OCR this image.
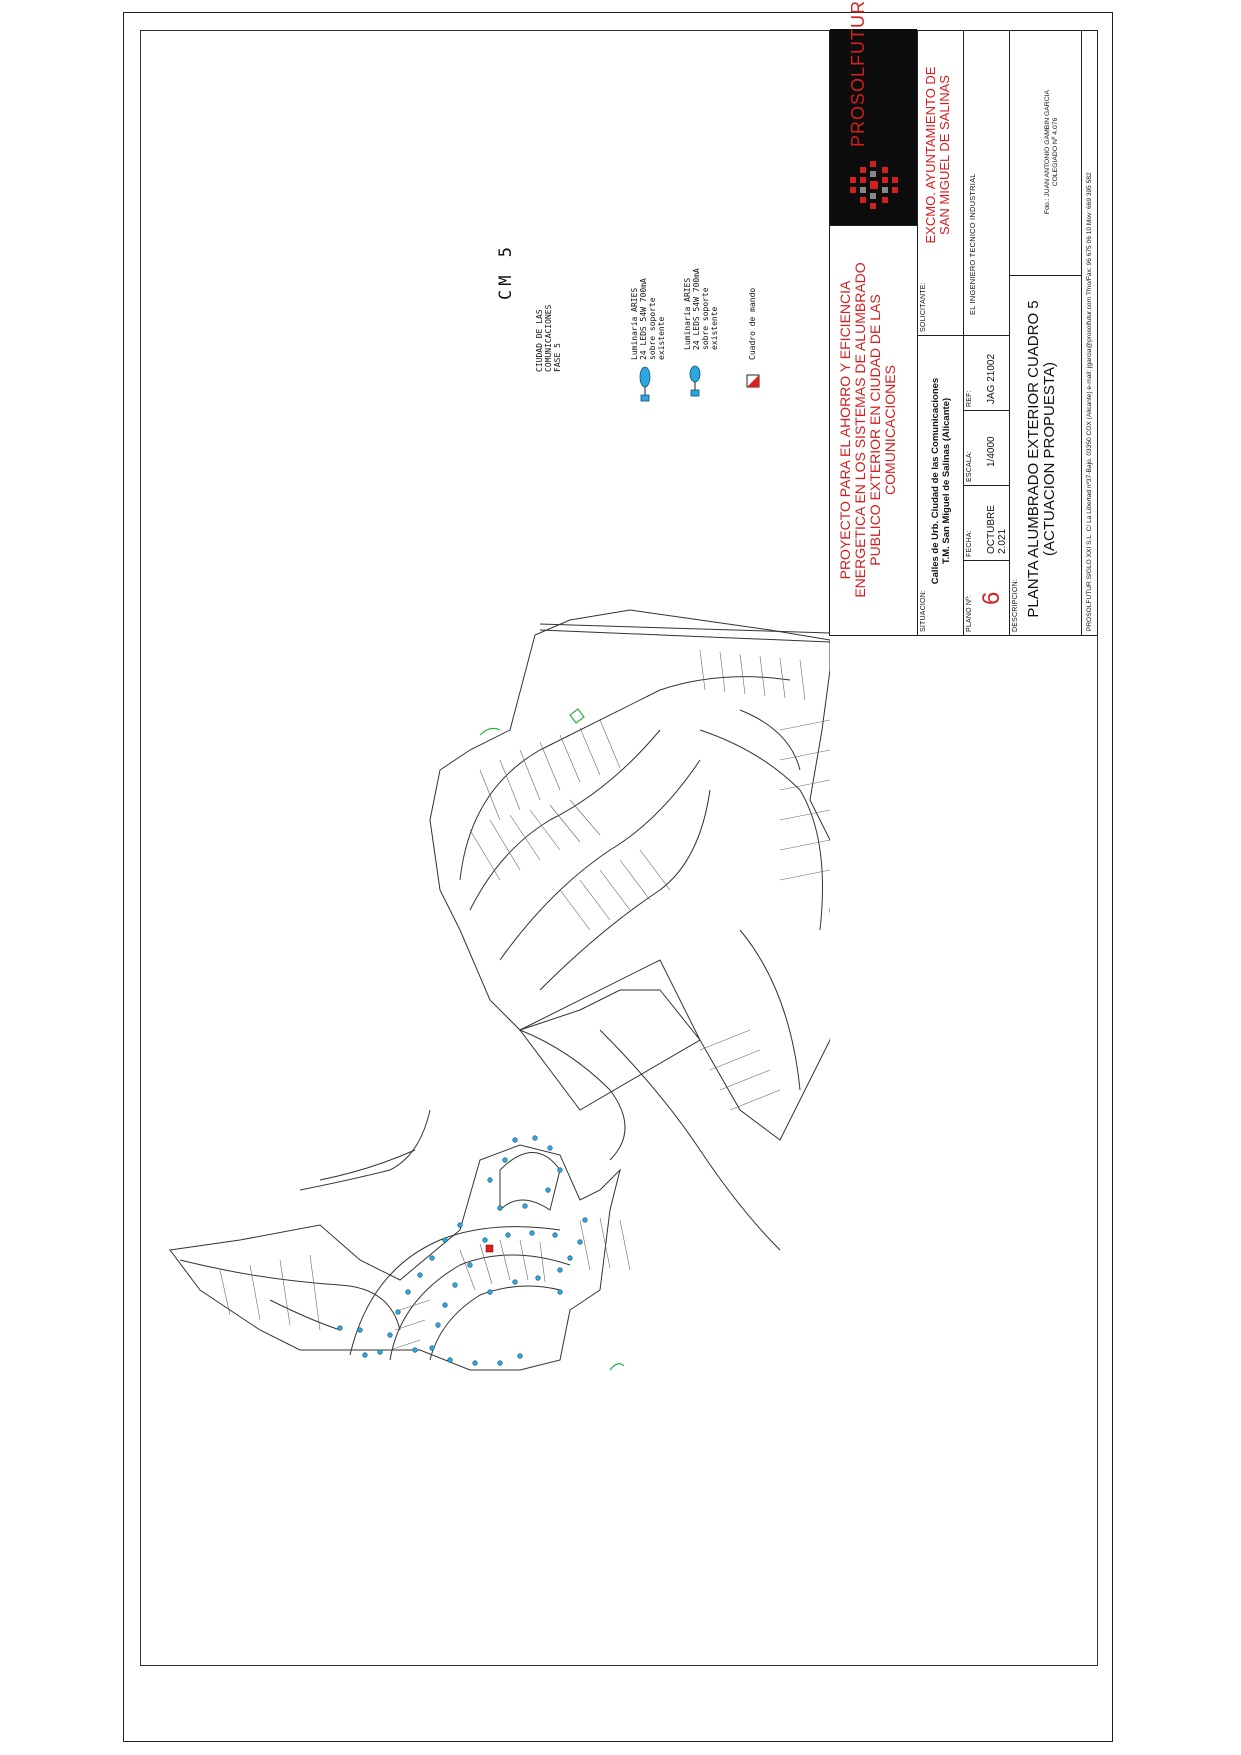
CM 5
CIUDAD DE LAS COMUNICACIONES FASE 5	Luminaria ARIES 24 LEDS 54W 700mA sobre soporte existente Luminaria ARIES 24 LEDS 54W 700mA sobre soporte existente	Cuadro de mando	PROYECTO PARA EL AHORRO Y EFICIENCIA ENERGETICA EN LOS SISTEMAS DE ALUMBRADO PUBLICO EXTERIOR EN CIUDAD DE LAS COMUNICACIONES
PROSOLFUTUR
SITUACION:
Calles de Urb. Ciudad de las Comunicaciones T.M. San Miguel de Salinas (Alicante)
SOLICITANTE:
EXCMO. AYUNTAMIENTO DE SAN MIGUEL DE SALINAS
PLANO Nº: 6
FECHA: OCTUBRE 2.021
ESCALA: 1/4000
REF: JAG 21002
EL INGENIERO TECNICO INDUSTRIAL
DESCRIPCION: PLANTA ALUMBRADO EXTERIOR CUADRO 5 (ACTUACION PROPUESTA)
Fdo.: JUAN ANTONIO GAMBIN GARCIA COLEGIADO Nº 4.076
PROSOLFUTUR SIGLO XXI S.L. C/ La Libertad nº37-Bajo. 03350 COX (Alicante) e-mail: jgarcia@prosolfutur.com Tfno/Fax: 96 675 06 10 Mov: 669 395 582
